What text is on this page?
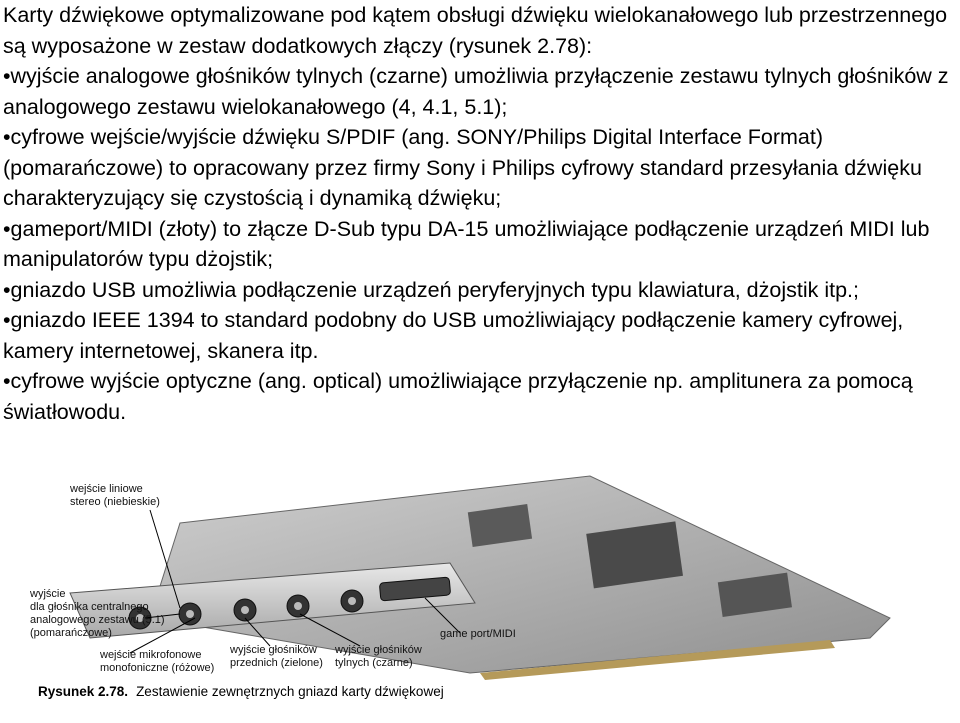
Karty dźwiękowe optymalizowane pod kątem obsługi dźwięku wielokanałowego lub przestrzennego są wyposażone w zestaw dodatkowych złączy (rysunek 2.78):

•wyjście analogowe głośników tylnych (czarne) umożliwia przyłączenie zestawu tylnych głośników z analogowego zestawu wielokanałowego (4, 4.1, 5.1);

•cyfrowe wejście/wyjście dźwięku S/PDIF (ang. SONY/Philips Digital Interface Format) (pomarańczowe) to opracowany przez firmy Sony i Philips cyfrowy standard przesyłania dźwięku charakteryzujący się czystością i dynamiką dźwięku;

•gameport/MIDI (złoty) to złącze D-Sub typu DA-15 umożliwiające podłączenie urządzeń MIDI lub manipulatorów typu dżojstik;

•gniazdo USB umożliwia podłączenie urządzeń peryferyjnych typu klawiatura, dżojstik itp.;

•gniazdo IEEE 1394 to standard podobny do USB umożliwiający podłączenie kamery cyfrowej, kamery internetowej, skanera itp.

•cyfrowe wyjście optyczne (ang. optical) umożliwiające przyłączenie np. amplitunera za pomocą światłowodu.

wejście liniowe
stereo (niebieskie)
wyjście
dla głośnika centralnego
analogowego zestawu (5.1)
(pomarańczowe)
wejście mikrofonowe
monofoniczne (różowe)
wyjście głośników
przednich (zielone)
wyjście głośników
tylnych (czarne)
game port/MIDI
Rysunek 2.78. Zestawienie zewnętrznych gniazd karty dźwiękowej
